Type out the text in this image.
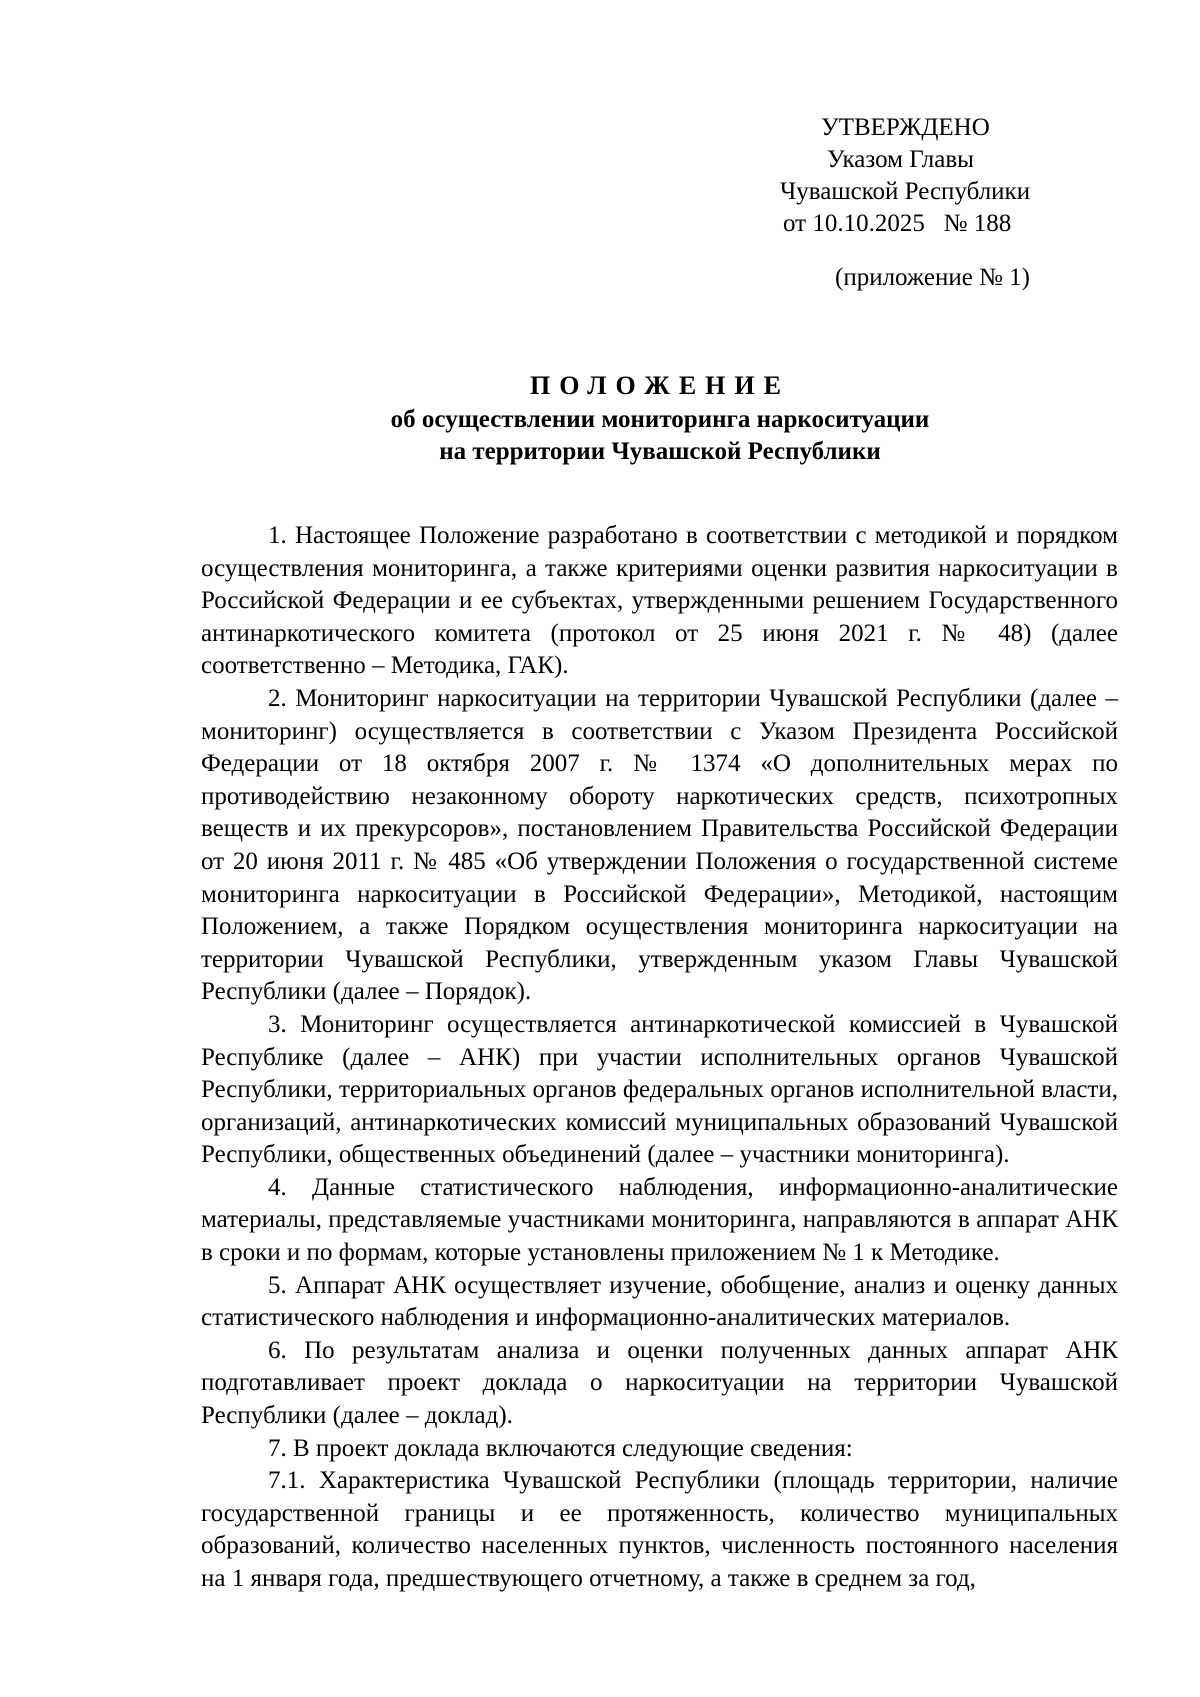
УТВЕРЖДЕНО
Указом Главы
Чувашской Республики
от 10.10.2025   № 188
(приложение № 1)
ПОЛОЖЕНИЕ
об осуществлении мониторинга наркоситуации
на территории Чувашской Республики

1. Настоящее Положение разработано в соответствии с методикой и порядком осуществления мониторинга, а также критериями оценки развития наркоситуации в Российской Федерации и ее субъектах, утвержденными решением Государственного антинаркотического комитета (протокол от 25 июня 2021 г. № 48) (далее соответственно – Методика, ГАК).

2. Мониторинг наркоситуации на территории Чувашской Республики (далее – мониторинг) осуществляется в соответствии с Указом Президента Российской Федерации от 18 октября 2007 г. № 1374 «О дополнительных мерах по противодействию незаконному обороту наркотических средств, психотропных веществ и их прекурсоров», постановлением Правительства Российской Федерации от 20 июня 2011 г. № 485 «Об утверждении Положения о государственной системе мониторинга наркоситуации в Российской Федерации», Методикой, настоящим Положением, а также Порядком осуществления мониторинга наркоситуации на территории Чувашской Республики, утвержденным указом Главы Чувашской Республики (далее – Порядок).

3. Мониторинг осуществляется антинаркотической комиссией в Чувашской Республике (далее – АНК) при участии исполнительных органов Чувашской Республики, территориальных органов федеральных органов исполнительной власти, организаций, антинаркотических комиссий муниципальных образований Чувашской Республики, общественных объединений (далее – участники мониторинга).

4. Данные статистического наблюдения, информационно-аналитические материалы, представляемые участниками мониторинга, направляются в аппарат АНК в сроки и по формам, которые установлены приложением № 1 к Методике.

5. Аппарат АНК осуществляет изучение, обобщение, анализ и оценку данных статистического наблюдения и информационно-аналитических материалов.

6. По результатам анализа и оценки полученных данных аппарат АНК подготавливает проект доклада о наркоситуации на территории Чувашской Республики (далее – доклад).

7. В проект доклада включаются следующие сведения:

7.1. Характеристика Чувашской Республики (площадь территории, наличие государственной границы и ее протяженность, количество муниципальных образований, количество населенных пунктов, численность постоянного населения на 1 января года, предшествующего отчетному, а также в среднем за год,
